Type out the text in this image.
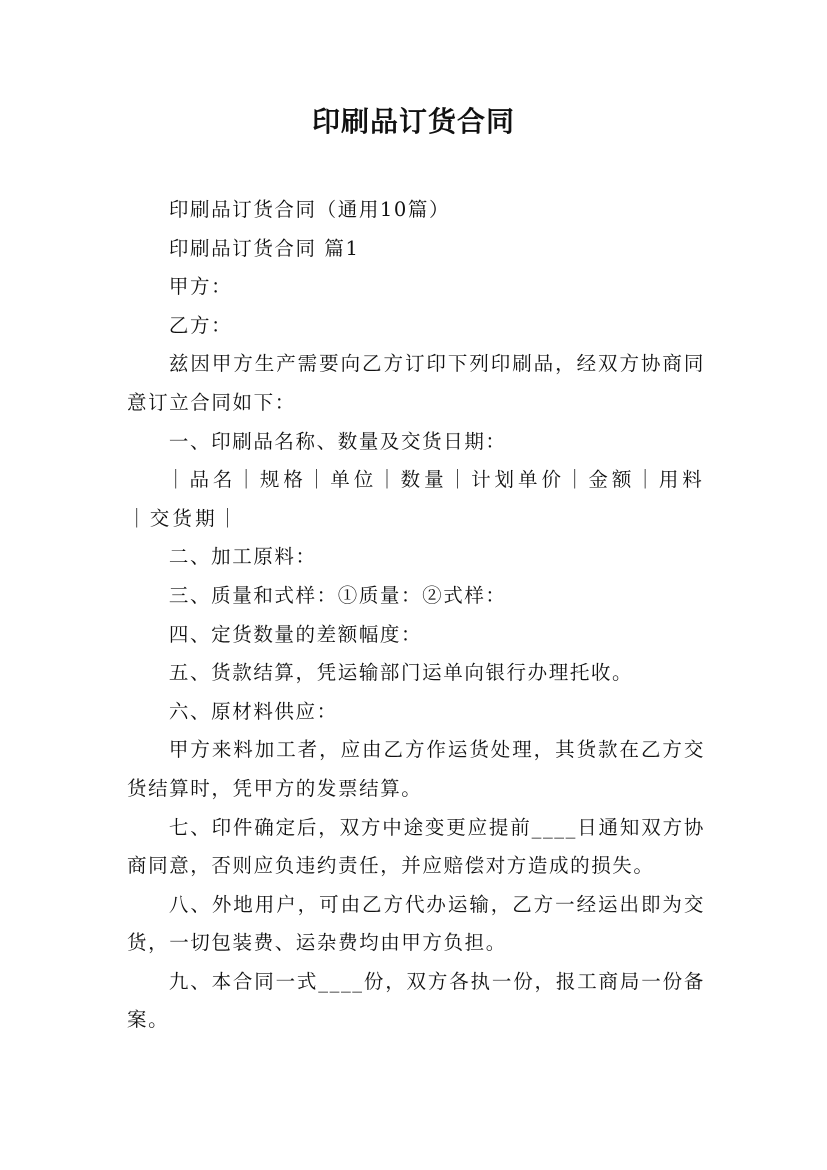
印刷品订货合同

印刷品订货合同（通用10篇）

印刷品订货合同 篇1

甲方：

乙方：

兹因甲方生产需要向乙方订印下列印刷品，经双方协商同意订立合同如下：

一、印刷品名称、数量及交货日期：

｜品名｜规格｜单位｜数量｜计划单价｜金额｜用料｜交货期｜

二、加工原料：

三、质量和式样：①质量：②式样：

四、定货数量的差额幅度：

五、货款结算，凭运输部门运单向银行办理托收。

六、原材料供应：

甲方来料加工者，应由乙方作运货处理，其货款在乙方交货结算时，凭甲方的发票结算。

七、印件确定后，双方中途变更应提前____日通知双方协商同意，否则应负违约责任，并应赔偿对方造成的损失。

八、外地用户，可由乙方代办运输，乙方一经运出即为交货，一切包装费、运杂费均由甲方负担。

九、本合同一式____份，双方各执一份，报工商局一份备案。
